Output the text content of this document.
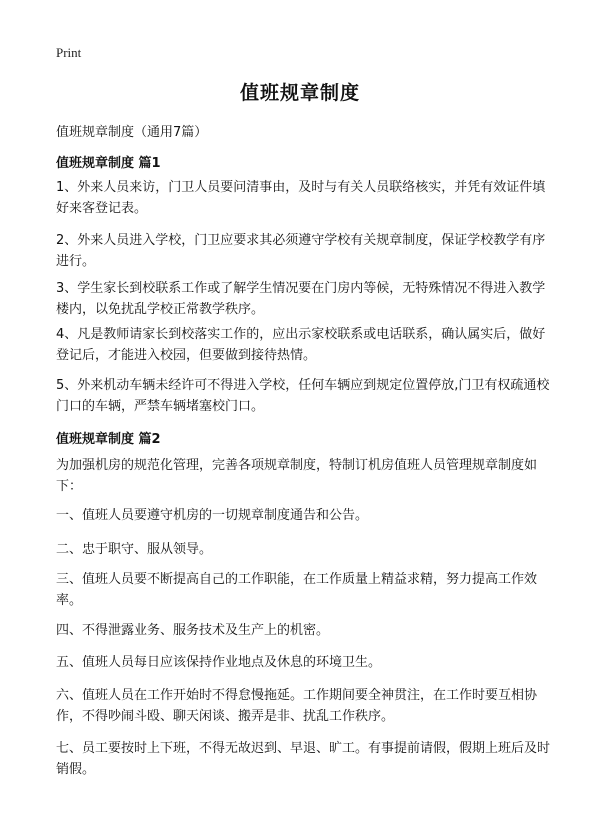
Print
值班规章制度
值班规章制度（通用7篇）
值班规章制度 篇1

1、外来人员来访，门卫人员要问清事由，及时与有关人员联络核实，并凭有效证件填好来客登记表。

2、外来人员进入学校，门卫应要求其必须遵守学校有关规章制度，保证学校教学有序进行。

3、学生家长到校联系工作或了解学生情况要在门房内等候，无特殊情况不得进入教学楼内，以免扰乱学校正常教学秩序。

4、凡是教师请家长到校落实工作的，应出示家校联系或电话联系，确认属实后，做好登记后，才能进入校园，但要做到接待热情。

5、外来机动车辆未经许可不得进入学校，任何车辆应到规定位置停放,门卫有权疏通校门口的车辆，严禁车辆堵塞校门口。

值班规章制度 篇2

为加强机房的规范化管理，完善各项规章制度，特制订机房值班人员管理规章制度如下：

一、值班人员要遵守机房的一切规章制度通告和公告。

二、忠于职守、服从领导。

三、值班人员要不断提高自己的工作职能，在工作质量上精益求精，努力提高工作效率。

四、不得泄露业务、服务技术及生产上的机密。

五、值班人员每日应该保持作业地点及休息的环境卫生。

六、值班人员在工作开始时不得怠慢拖延。工作期间要全神贯注，在工作时要互相协作，不得吵闹斗殴、聊天闲谈、搬弄是非、扰乱工作秩序。

七、员工要按时上下班，不得无故迟到、早退、旷工。有事提前请假，假期上班后及时销假。
